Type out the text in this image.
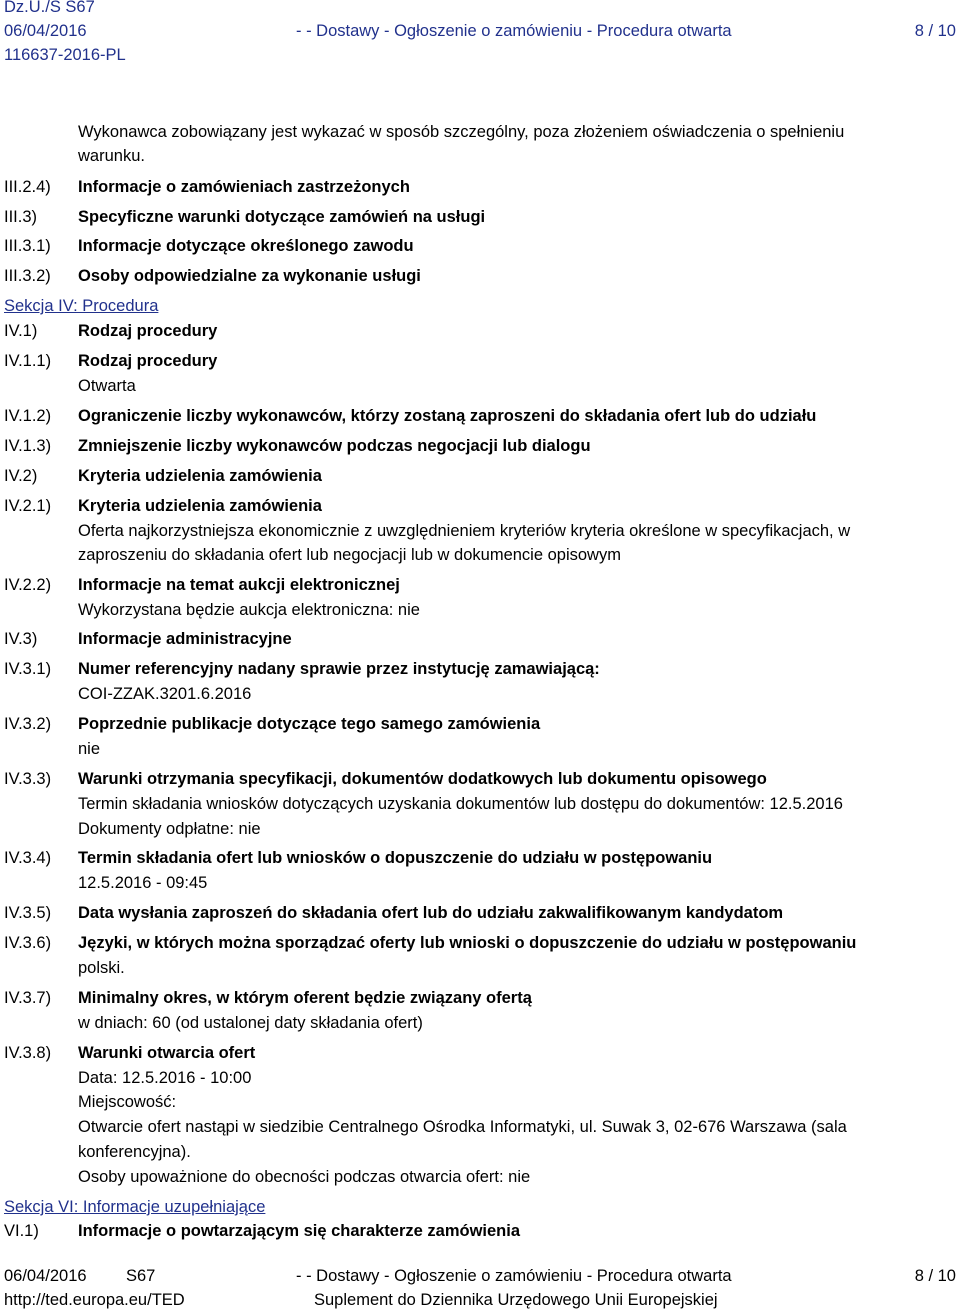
Dz.U./S S67
06/04/2016	- - Dostawy - Ogłoszenie o zamówieniu - Procedura otwarta	8 / 10
116637-2016-PL
Wykonawca zobowiązany jest wykazać w sposób szczególny, poza złożeniem oświadczenia o spełnieniu
warunku.
III.2.4) Informacje o zamówieniach zastrzeżonych
III.3) Specyficzne warunki dotyczące zamówień na usługi
III.3.1) Informacje dotyczące określonego zawodu
III.3.2) Osoby odpowiedzialne za wykonanie usługi
Sekcja IV: Procedura
IV.1) Rodzaj procedury
IV.1.1) Rodzaj procedury
Otwarta
IV.1.2) Ograniczenie liczby wykonawców, którzy zostaną zaproszeni do składania ofert lub do udziału
IV.1.3) Zmniejszenie liczby wykonawców podczas negocjacji lub dialogu
IV.2) Kryteria udzielenia zamówienia
IV.2.1) Kryteria udzielenia zamówienia
Oferta najkorzystniejsza ekonomicznie z uwzględnieniem kryteriów kryteria określone w specyfikacjach, w
zaproszeniu do składania ofert lub negocjacji lub w dokumencie opisowym
IV.2.2) Informacje na temat aukcji elektronicznej
Wykorzystana będzie aukcja elektroniczna: nie
IV.3) Informacje administracyjne
IV.3.1) Numer referencyjny nadany sprawie przez instytucję zamawiającą:
COI-ZZAK.3201.6.2016
IV.3.2) Poprzednie publikacje dotyczące tego samego zamówienia
nie
IV.3.3) Warunki otrzymania specyfikacji, dokumentów dodatkowych lub dokumentu opisowego
Termin składania wniosków dotyczących uzyskania dokumentów lub dostępu do dokumentów: 12.5.2016
Dokumenty odpłatne: nie
IV.3.4) Termin składania ofert lub wniosków o dopuszczenie do udziału w postępowaniu
12.5.2016 - 09:45
IV.3.5) Data wysłania zaproszeń do składania ofert lub do udziału zakwalifikowanym kandydatom
IV.3.6) Języki, w których można sporządzać oferty lub wnioski o dopuszczenie do udziału w postępowaniu
polski.
IV.3.7) Minimalny okres, w którym oferent będzie związany ofertą
w dniach: 60 (od ustalonej daty składania ofert)
IV.3.8) Warunki otwarcia ofert
Data: 12.5.2016 - 10:00
Miejscowość:
Otwarcie ofert nastąpi w siedzibie Centralnego Ośrodka Informatyki, ul. Suwak 3, 02-676 Warszawa (sala
konferencyjna).
Osoby upoważnione do obecności podczas otwarcia ofert: nie
Sekcja VI: Informacje uzupełniające
VI.1) Informacje o powtarzającym się charakterze zamówienia
06/04/2016 S67	- - Dostawy - Ogłoszenie o zamówieniu - Procedura otwarta	8 / 10
http://ted.europa.eu/TED	Suplement do Dziennika Urzędowego Unii Europejskiej
